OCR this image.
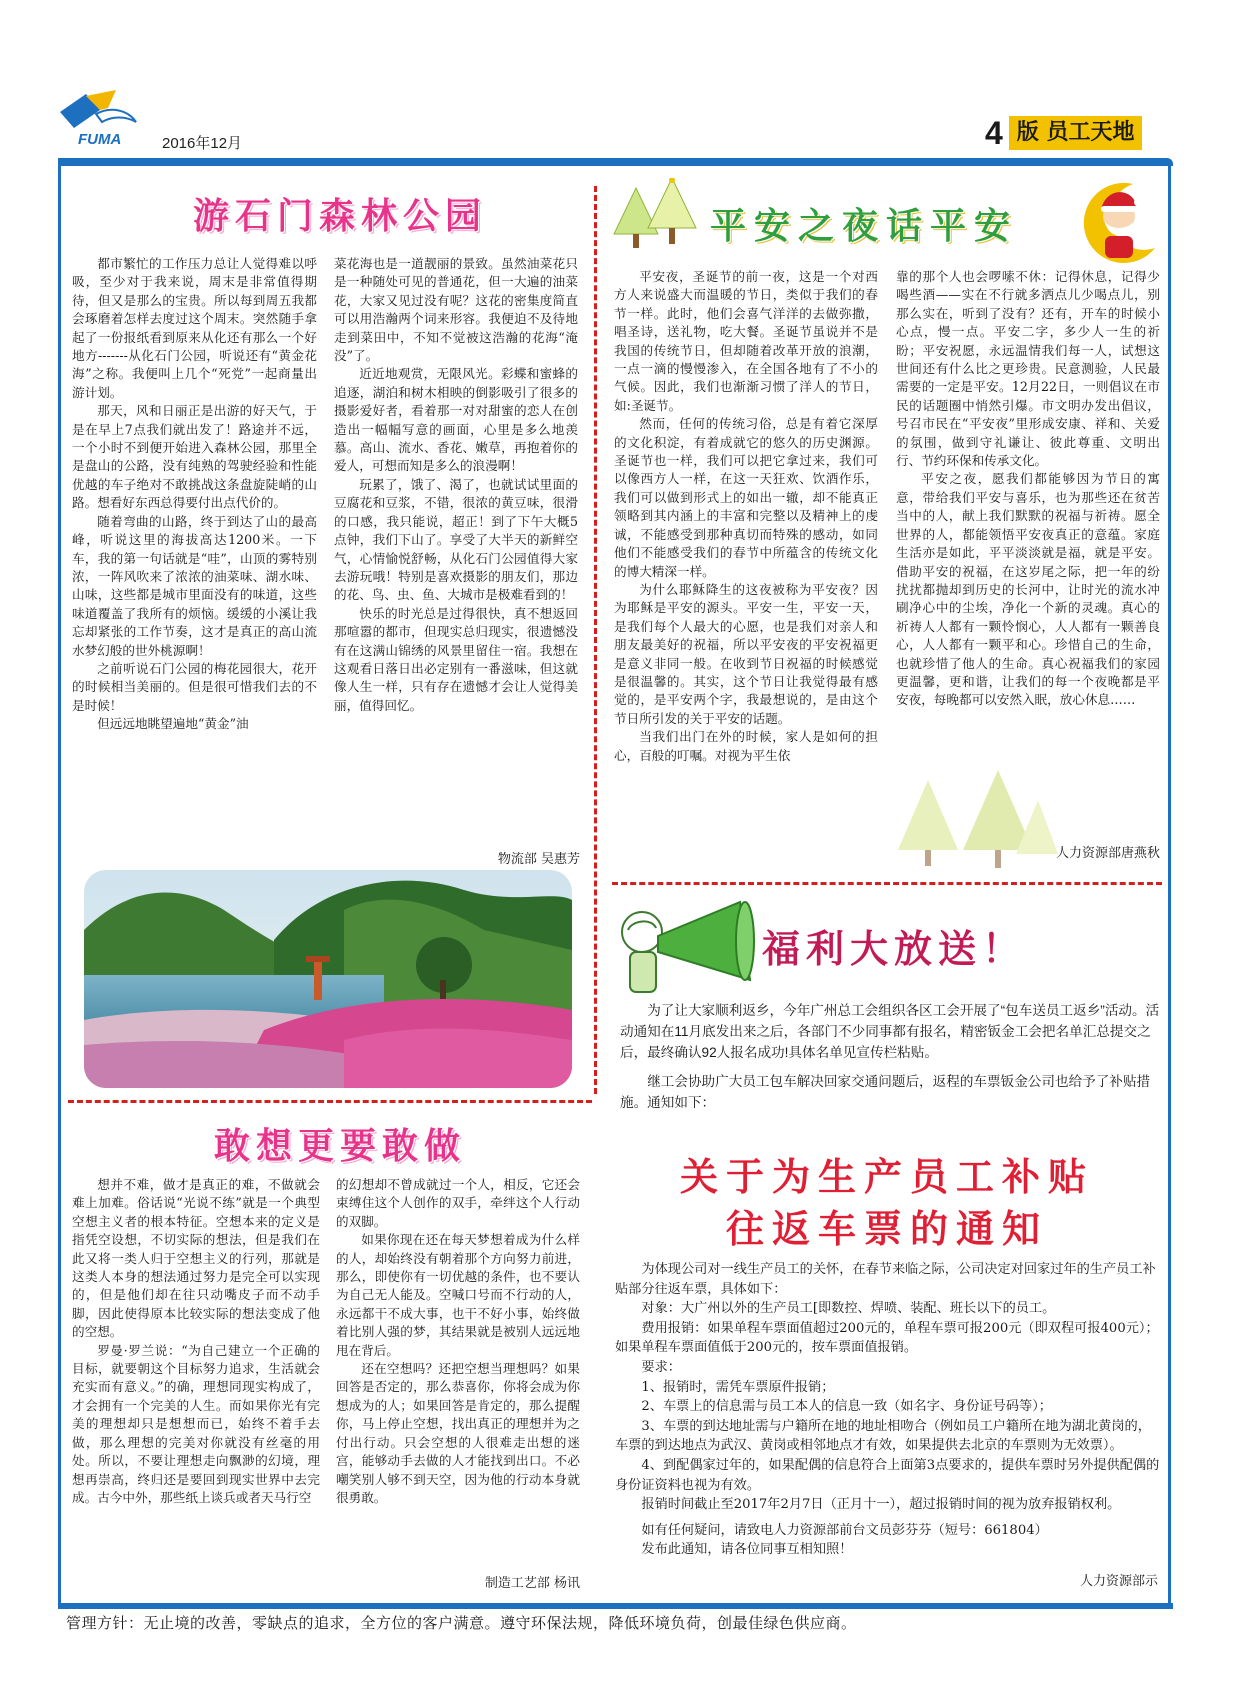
FUMA	2016年12月	4 版 员工天地
游石门森林公园

都市繁忙的工作压力总让人觉得难以呼吸，至少对于我来说，周末是非常值得期待，但又是那么的宝贵。所以每到周五我都会琢磨着怎样去度过这个周末。突然随手拿起了一份报纸看到原来从化还有那么一个好地方-------从化石门公园，听说还有“黄金花海”之称。我便叫上几个“死党”一起商量出游计划。

那天，风和日丽正是出游的好天气，于是在早上7点我们就出发了！路途并不远，一个小时不到便开始进入森林公园，那里全是盘山的公路，没有纯熟的驾驶经验和性能优越的车子绝对不敢挑战这条盘旋陡峭的山路。想看好东西总得要付出点代价的。

随着弯曲的山路，终于到达了山的最高峰，听说这里的海拔高达1200米。一下车，我的第一句话就是“哇”，山顶的雾特别浓，一阵风吹来了浓浓的油菜味、湖水味、山味，这些都是城市里面没有的味道，这些味道覆盖了我所有的烦恼。缓缓的小溪让我忘却紧张的工作节奏，这才是真正的高山流水梦幻般的世外桃源啊！

之前听说石门公园的梅花园很大，花开的时候相当美丽的。但是很可惜我们去的不是时候！

但远远地眺望遍地“黄金”油

菜花海也是一道靓丽的景致。虽然油菜花只是一种随处可见的普通花，但一大遍的油菜花，大家又见过没有呢？这花的密集度简直可以用浩瀚两个词来形容。我便迫不及待地走到菜田中，不知不觉被这浩瀚的花海“淹没”了。

近近地观赏，无限风光。彩蝶和蜜蜂的追逐，湖泊和树木相映的倒影吸引了很多的摄影爱好者，看着那一对对甜蜜的恋人在创造出一幅幅写意的画面，心里是多么地羡慕。高山、流水、香花、嫩草，再抱着你的爱人，可想而知是多么的浪漫啊！

玩累了，饿了、渴了，也就试试里面的豆腐花和豆浆，不错，很浓的黄豆味，很滑的口感，我只能说，超正！到了下午大概5点钟，我们下山了。享受了大半天的新鲜空气，心情愉悦舒畅，从化石门公园值得大家去游玩哦！特别是喜欢摄影的朋友们，那边的花、鸟、虫、鱼、大城市是极难看到的！

快乐的时光总是过得很快，真不想返回那喧嚣的都市，但现实总归现实，很遗憾没有在这满山锦绣的风景里留住一宿。我想在这观看日落日出必定别有一番滋味，但这就像人生一样，只有存在遗憾才会让人觉得美丽，值得回忆。

物流部 吴惠芳
敢想更要敢做

想并不难，做才是真正的难，不做就会难上加难。俗话说“光说不练”就是一个典型空想主义者的根本特征。空想本来的定义是指凭空设想，不切实际的想法，但是我们在此又将一类人归于空想主义的行列，那就是这类人本身的想法通过努力是完全可以实现的，但是他们却在往只动嘴皮子而不动手脚，因此使得原本比较实际的想法变成了他的空想。

罗曼·罗兰说：“为自己建立一个正确的目标，就要朝这个目标努力追求，生活就会充实而有意义。”的确，理想同现实构成了，才会拥有一个完美的人生。而如果你光有完美的理想却只是想想而已，始终不着手去做，那么理想的完美对你就没有丝毫的用处。所以，不要让理想走向飘渺的幻境，理想再崇高，终归还是要回到现实世界中去完成。古今中外，那些纸上谈兵或者天马行空

的幻想却不曾成就过一个人，相反，它还会束缚住这个人创作的双手，牵绊这个人行动的双脚。

如果你现在还在每天梦想着成为什么样的人，却始终没有朝着那个方向努力前进，那么，即使你有一切优越的条件，也不要认为自己无人能及。空喊口号而不行动的人，永远都干不成大事，也干不好小事，始终做着比别人强的梦，其结果就是被别人远远地甩在背后。

还在空想吗？还把空想当理想吗？如果回答是否定的，那么恭喜你，你将会成为你想成为的人；如果回答是肯定的，那么提醒你，马上停止空想，找出真正的理想并为之付出行动。只会空想的人很难走出想的迷宫，能够动手去做的人才能找到出口。不必嘲笑别人够不到天空，因为他的行动本身就很勇敢。

制造工艺部 杨讯
平安之夜话平安

平安夜，圣诞节的前一夜，这是一个对西方人来说盛大而温暖的节日，类似于我们的春节一样。此时，他们会喜气洋洋的去做弥撒，唱圣诗，送礼物，吃大餐。圣诞节虽说并不是我国的传统节日，但却随着改革开放的浪潮，一点一滴的慢慢渗入，在全国各地有了不小的气候。因此，我们也渐渐习惯了洋人的节日，如:圣诞节。

然而，任何的传统习俗，总是有着它深厚的文化积淀，有着成就它的悠久的历史渊源。圣诞节也一样，我们可以把它拿过来，我们可以像西方人一样，在这一天狂欢、饮酒作乐，我们可以做到形式上的如出一辙，却不能真正领略到其内涵上的丰富和完整以及精神上的虔诚，不能感受到那种真切而特殊的感动，如同他们不能感受我们的春节中所蕴含的传统文化的博大精深一样。

为什么耶稣降生的这夜被称为平安夜？因为耶稣是平安的源头。平安一生，平安一天，是我们每个人最大的心愿，也是我们对亲人和朋友最美好的祝福，所以平安夜的平安祝福更是意义非同一般。在收到节日祝福的时候感觉是很温馨的。其实，这个节日让我觉得最有感觉的，是平安两个字，我最想说的，是由这个节日所引发的关于平安的话题。

当我们出门在外的时候，家人是如何的担心，百般的叮嘱。对视为平生依

靠的那个人也会啰嗦不休：记得休息，记得少喝些酒——实在不行就多洒点儿少喝点儿，别那么实在，听到了没有？还有，开车的时候小心点，慢一点。平安二字，多少人一生的祈盼；平安祝愿，永远温情我们每一人，试想这世间还有什么比之更珍贵。民意测验，人民最需要的一定是平安。12月22日，一则倡议在市民的话题圈中悄然引爆。市文明办发出倡议，号召市民在“平安夜”里形成安康、祥和、关爱的氛围，做到守礼谦让、彼此尊重、文明出行、节约环保和传承文化。

平安之夜，愿我们都能够因为节日的寓意，带给我们平安与喜乐，也为那些还在贫苦当中的人，献上我们默默的祝福与祈祷。愿全世界的人，都能领悟平安夜真正的意蕴。家庭生活亦是如此，平平淡淡就是福，就是平安。借助平安的祝福，在这岁尾之际，把一年的纷扰扰都抛却到历史的长河中，让时光的流水冲刷净心中的尘埃，净化一个新的灵魂。真心的祈祷人人都有一颗怜悯心，人人都有一颗善良心，人人都有一颗平和心。珍惜自己的生命，也就珍惜了他人的生命。真心祝福我们的家园更温馨，更和谐，让我们的每一个夜晚都是平安夜，每晚都可以安然入眠，放心休息……

人力资源部唐燕秋
福利大放送！

为了让大家顺利返乡，今年广州总工会组织各区工会开展了“包车送员工返乡”活动。活动通知在11月底发出来之后，各部门不少同事都有报名，精密钣金工会把名单汇总提交之后，最终确认92人报名成功!具体名单见宣传栏粘贴。

继工会协助广大员工包车解决回家交通问题后，返程的车票钣金公司也给予了补贴措施。通知如下：

关于为生产员工补贴
往返车票的通知

为体现公司对一线生产员工的关怀，在春节来临之际，公司决定对回家过年的生产员工补贴部分往返车票，具体如下：

对象：大广州以外的生产员工[即数控、焊喷、装配、班长以下的员工。

费用报销：如果单程车票面值超过200元的，单程车票可报200元（即双程可报400元）；如果单程车票面值低于200元的，按车票面值报销。

要求：

1、报销时，需凭车票原件报销；

2、车票上的信息需与员工本人的信息一致（如名字、身份证号码等）；

3、车票的到达地址需与户籍所在地的地址相吻合（例如员工户籍所在地为湖北黄岗的，车票的到达地点为武汉、黄岗或相邻地点才有效，如果提供去北京的车票则为无效票）。

4、到配偶家过年的，如果配偶的信息符合上面第3点要求的，提供车票时另外提供配偶的身份证资料也视为有效。

报销时间截止至2017年2月7日（正月十一），超过报销时间的视为放弃报销权利。

如有任何疑问，请致电人力资源部前台文员彭芬芬（短号：661804）

发布此通知，请各位同事互相知照！

人力资源部示
管理方针：无止境的改善，零缺点的追求，全方位的客户满意。遵守环保法规，降低环境负荷，创最佳绿色供应商。
